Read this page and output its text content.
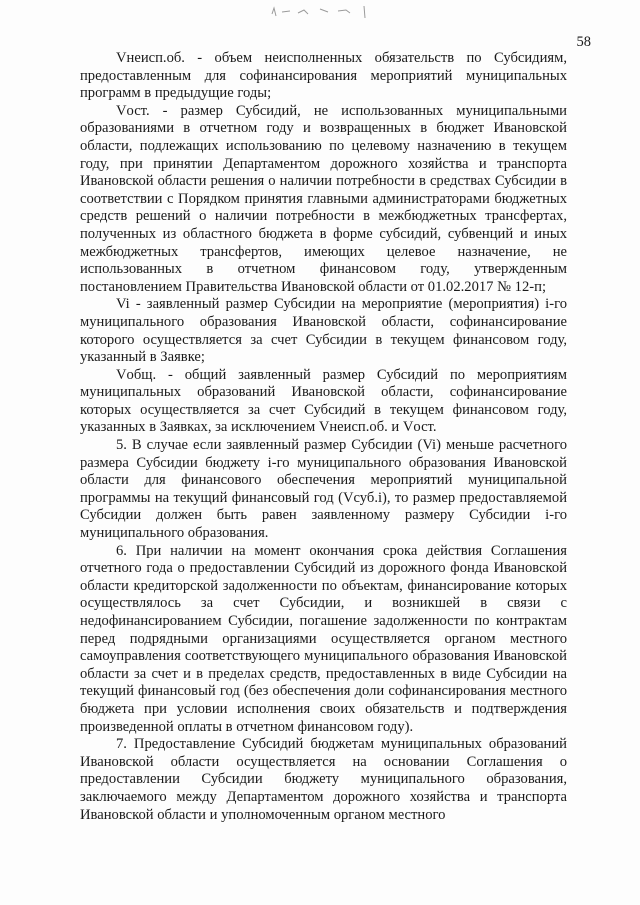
58

Vнеисп.об. - объем неисполненных обязательств по Субсидиям, предоставленным для софинансирования мероприятий муниципальных программ в предыдущие годы;

Vост. - размер Субсидий, не использованных муниципальными образованиями в отчетном году и возвращенных в бюджет Ивановской области, подлежащих использованию по целевому назначению в текущем году, при принятии Департаментом дорожного хозяйства и транспорта Ивановской области решения о наличии потребности в средствах Субсидии в соответствии с Порядком принятия главными администраторами бюджетных средств решений о наличии потребности в межбюджетных трансфертах, полученных из областного бюджета в форме субсидий, субвенций и иных межбюджетных трансфертов, имеющих целевое назначение, не использованных в отчетном финансовом году, утвержденным постановлением Правительства Ивановской области от 01.02.2017 № 12-п;

Vi - заявленный размер Субсидии на мероприятие (мероприятия) i-го муниципального образования Ивановской области, софинансирование которого осуществляется за счет Субсидии в текущем финансовом году, указанный в Заявке;

Vобщ. - общий заявленный размер Субсидий по мероприятиям муниципальных образований Ивановской области, софинансирование которых осуществляется за счет Субсидий в текущем финансовом году, указанных в Заявках, за исключением Vнеисп.об. и Vост.

5. В случае если заявленный размер Субсидии (Vi) меньше расчетного размера Субсидии бюджету i-го муниципального образования Ивановской области для финансового обеспечения мероприятий муниципальной программы на текущий финансовый год (Vсуб.i), то размер предоставляемой Субсидии должен быть равен заявленному размеру Субсидии i-го муниципального образования.

6. При наличии на момент окончания срока действия Соглашения отчетного года о предоставлении Субсидий из дорожного фонда Ивановской области кредиторской задолженности по объектам, финансирование которых осуществлялось за счет Субсидии, и возникшей в связи с недофинансированием Субсидии, погашение задолженности по контрактам перед подрядными организациями осуществляется органом местного самоуправления соответствующего муниципального образования Ивановской области за счет и в пределах средств, предоставленных в виде Субсидии на текущий финансовый год (без обеспечения доли софинансирования местного бюджета при условии исполнения своих обязательств и подтверждения произведенной оплаты в отчетном финансовом году).

7. Предоставление Субсидий бюджетам муниципальных образований Ивановской области осуществляется на основании Соглашения о предоставлении Субсидии бюджету муниципального образования, заключаемого между Департаментом дорожного хозяйства и транспорта Ивановской области и уполномоченным органом местного
